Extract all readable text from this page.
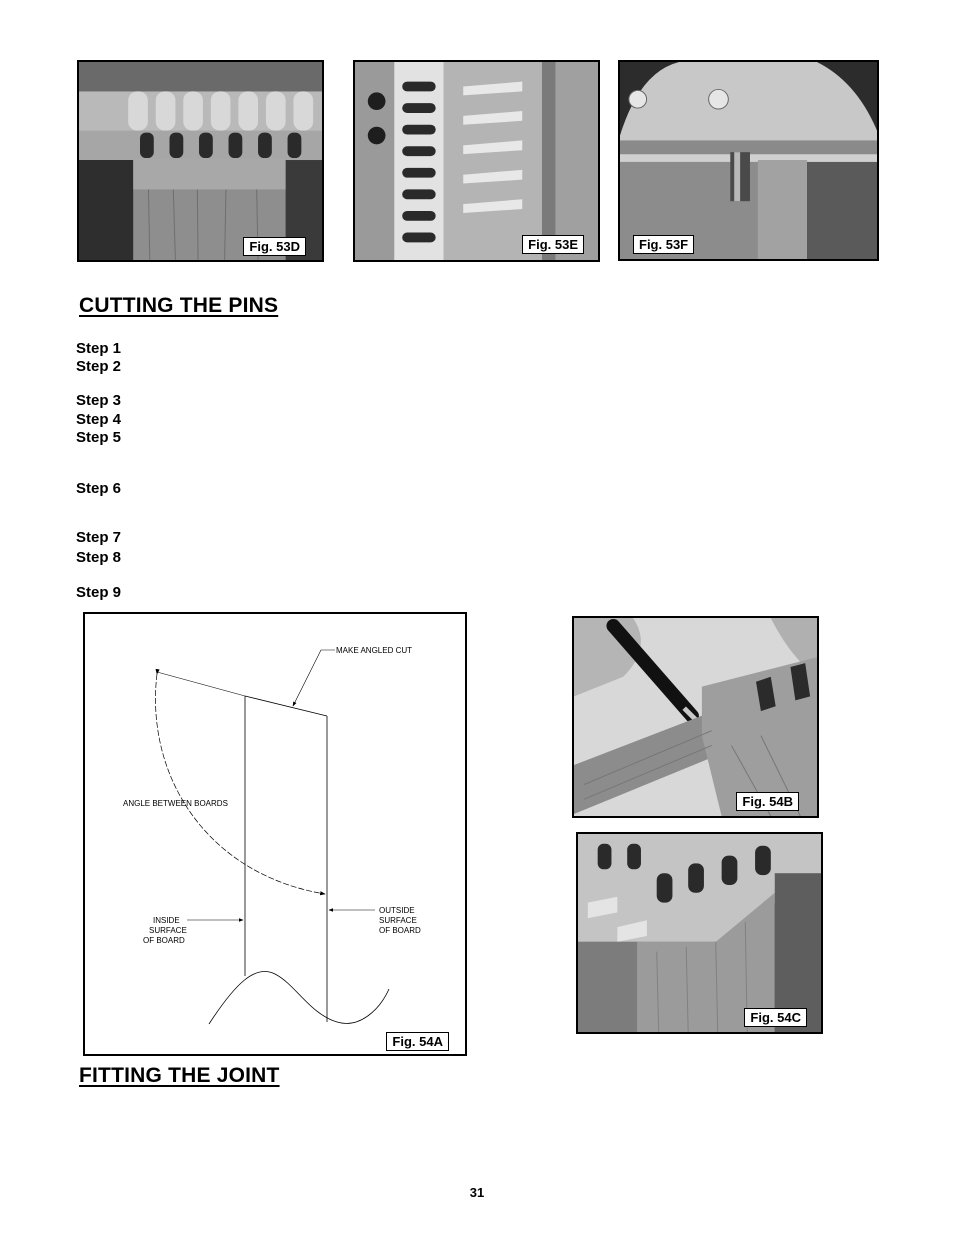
Fig. 53D	Fig. 53E	Fig. 53F
CUTTING THE PINS
Step 1
Step 2
Step 3
Step 4
Step 5
Step 6
Step 7
Step 8
Step 9
MAKE ANGLED CUT
ANGLE BETWEEN BOARDS
INSIDE
SURFACE
OF BOARD
OUTSIDE
SURFACE
OF BOARD
Fig. 54A
Fig. 54B
Fig. 54C
FITTING THE JOINT
31
